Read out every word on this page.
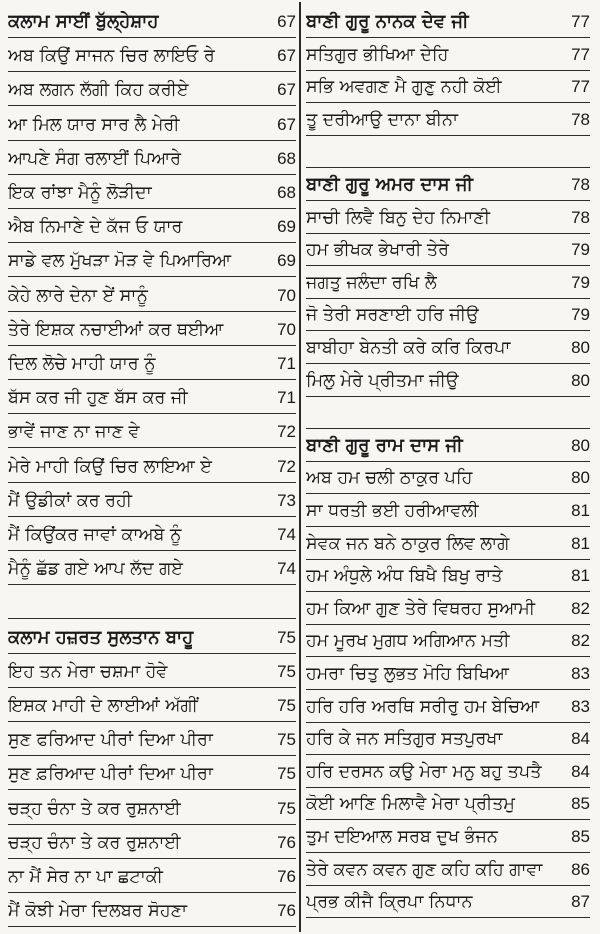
ਕਲਾਮ ਸਾਈਂ ਬੁੱਲ੍ਹੇਸ਼ਾਹ	67
ਅਬ ਕਿਉਂ ਸਾਜਨ ਚਿਰ ਲਾਇਓ ਰੇ	67
ਅਬ ਲਗਨ ਲੱਗੀ ਕਿਹ ਕਰੀਏ	67
ਆ ਮਿਲ ਯਾਰ ਸਾਰ ਲੈ ਮੇਰੀ	67
ਆਪਣੇ ਸੰਗ ਰਲਾਈਂ ਪਿਆਰੇ	68
ਇਕ ਰਾਂਝਾ ਮੈਨੂੰ ਲੋੜੀਦਾ	68
ਐਬ ਨਿਮਾਣੇ ਦੇ ਕੱਜ ਓ ਯਾਰ	69
ਸਾਡੇ ਵਲ ਮੁੱਖੜਾ ਮੋੜ ਵੇ ਪਿਆਰਿਆ	69
ਕੇਹੇ ਲਾਰੇ ਦੇਨਾ ਏਂ ਸਾਨੂੰ	70
ਤੇਰੇ ਇਸ਼ਕ ਨਚਾਈਆਂ ਕਰ ਥਈਆ	70
ਦਿਲ ਲੋਚੇ ਮਾਹੀ ਯਾਰ ਨੂੰ	71
ਬੱਸ ਕਰ ਜੀ ਹੁਣ ਬੱਸ ਕਰ ਜੀ	71
ਭਾਵੇਂ ਜਾਣ ਨਾ ਜਾਣ ਵੇ	72
ਮੇਰੇ ਮਾਹੀ ਕਿਉਂ ਚਿਰ ਲਾਇਆ ਏ	72
ਮੈਂ ਉਡੀਕਾਂ ਕਰ ਰਹੀ	73
ਮੈਂ ਕਿਉਂਕਰ ਜਾਵਾਂ ਕਾਅਬੇ ਨੂੰ	74
ਮੈਨੂੰ ਛੱਡ ਗਏ ਆਪ ਲੱਦ ਗਏ	74
ਕਲਾਮ ਹਜ਼ਰਤ ਸੁਲਤਾਨ ਬਾਹੂ	75
ਇਹ ਤਨ ਮੇਰਾ ਚਸ਼ਮਾ ਹੋਵੇ	75
ਇਸ਼ਕ ਮਾਹੀ ਦੇ ਲਾਈਆਂ ਅੱਗੀਂ	75
ਸੁਣ ਫਰਿਆਦ ਪੀਰਾਂ ਦਿਆ ਪੀਰਾ	75
ਸੁਣ ਫ਼ਰਿਆਦ ਪੀਰਾਂ ਦਿਆ ਪੀਰਾ	75
ਚੜ੍ਹ ਚੰਨਾ ਤੇ ਕਰ ਰੁਸ਼ਨਾਈ	75
ਚੜ੍ਹ ਚੰਨਾ ਤੇ ਕਰ ਰੁਸ਼ਨਾਈ	76
ਨਾ ਮੈਂ ਸੇਰ ਨਾ ਪਾ ਛਟਾਕੀ	76
ਮੈਂ ਕੋਝੀ ਮੇਰਾ ਦਿਲਬਰ ਸੋਹਣਾ	76
ਬਾਣੀ ਗੁਰੂ ਨਾਨਕ ਦੇਵ ਜੀ	77
ਸਤਿਗੁਰ ਭੀਖਿਆ ਦੇਹਿ	77
ਸਭਿ ਅਵਗਣ ਮੈ ਗੁਣੁ ਨਹੀ ਕੋਈ	77
ਤੂ ਦਰੀਆਉ ਦਾਨਾ ਬੀਨਾ	78
ਬਾਣੀ ਗੁਰੂ ਅਮਰ ਦਾਸ ਜੀ	78
ਸਾਚੀ ਲਿਵੈ ਬਿਨੁ ਦੇਹ ਨਿਮਾਣੀ	78
ਹਮ ਭੀਖਕ ਭੇਖਾਰੀ ਤੇਰੇ	79
ਜਗਤੁ ਜਲੰਦਾ ਰਖਿ ਲੈ	79
ਜੋ ਤੇਰੀ ਸਰਣਾਈ ਹਰਿ ਜੀਉ	79
ਬਾਬੀਹਾ ਬੇਨਤੀ ਕਰੇ ਕਰਿ ਕਿਰਪਾ	80
ਮਿਲੁ ਮੇਰੇ ਪ੍ਰੀਤਮਾ ਜੀਉ	80
ਬਾਣੀ ਗੁਰੂ ਰਾਮ ਦਾਸ ਜੀ	80
ਅਬ ਹਮ ਚਲੀ ਠਾਕੁਰ ਪਹਿ	80
ਸਾ ਧਰਤੀ ਭਈ ਹਰੀਆਵਲੀ	81
ਸੇਵਕ ਜਨ ਬਨੇ ਠਾਕੁਰ ਲਿਵ ਲਾਗੇ	81
ਹਮ ਅੰਧੁਲੇ ਅੰਧ ਬਿਖੈ ਬਿਖੁ ਰਾਤੇ	81
ਹਮ ਕਿਆ ਗੁਣ ਤੇਰੇ ਵਿਥਰਹ ਸੁਆਮੀ	82
ਹਮ ਮੂਰਖ ਮੁਗਧ ਅਗਿਆਨ ਮਤੀ	82
ਹਮਰਾ ਚਿਤੁ ਲੁਭਤ ਮੋਹਿ ਬਿਖਿਆ	83
ਹਰਿ ਹਰਿ ਅਰਥਿ ਸਰੀਰੁ ਹਮ ਬੇਚਿਆ	83
ਹਰਿ ਕੇ ਜਨ ਸਤਿਗੁਰ ਸਤਪੁਰਖਾ	84
ਹਰਿ ਦਰਸਨ ਕਉ ਮੇਰਾ ਮਨੁ ਬਹੁ ਤਪਤੈ	84
ਕੋਈ ਆਣਿ ਮਿਲਾਵੈ ਮੇਰਾ ਪ੍ਰੀਤਮੁ	85
ਤੁਮ ਦਇਆਲ ਸਰਬ ਦੁਖ ਭੰਜਨ	85
ਤੇਰੇ ਕਵਨ ਕਵਨ ਗੁਣ ਕਹਿ ਕਹਿ ਗਾਵਾ	86
ਪ੍ਰਭ ਕੀਜੈ ਕ੍ਰਿਪਾ ਨਿਧਾਨ	87
